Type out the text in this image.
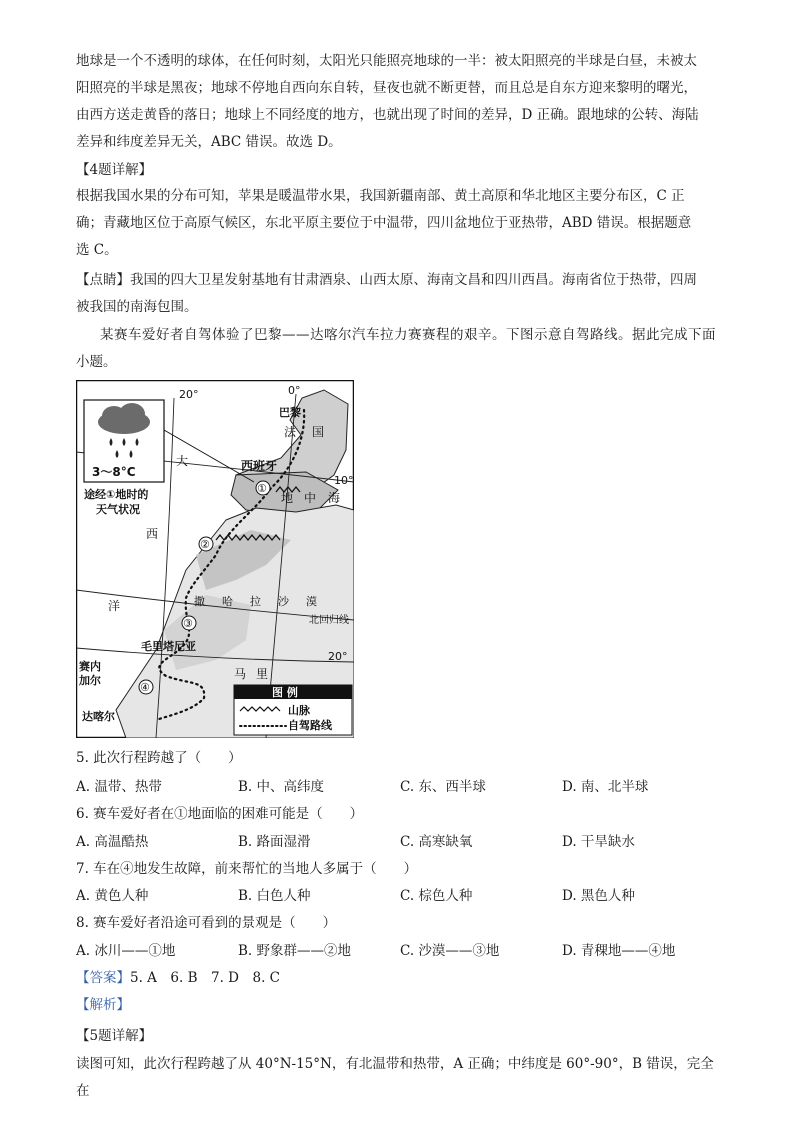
地球是一个不透明的球体，在任何时刻，太阳光只能照亮地球的一半：被太阳照亮的半球是白昼，未被太

阳照亮的半球是黑夜；地球不停地自西向东自转，昼夜也就不断更替，而且总是自东方迎来黎明的曙光，

由西方送走黄昏的落日；地球上不同经度的地方，也就出现了时间的差异，D 正确。跟地球的公转、海陆

差异和纬度差异无关，ABC 错误。故选 D。

【4题详解】

根据我国水果的分布可知，苹果是暖温带水果，我国新疆南部、黄土高原和华北地区主要分布区，C 正

确；青藏地区位于高原气候区，东北平原主要位于中温带，四川盆地位于亚热带，ABD 错误。根据题意

选 C。

【点睛】我国的四大卫星发射基地有甘肃酒泉、山西太原、海南文昌和四川西昌。海南省位于热带，四周

被我国的南海包围。

某赛车爱好者自驾体验了巴黎——达喀尔汽车拉力赛赛程的艰辛。下图示意自驾路线。据此完成下面

小题。

20°	0°
10°
北回归线
20°
巴黎
法 国
西班牙
地 中 海
大
西
洋	撒 哈 拉 沙 漠
毛里塔尼亚
马 里
赛内
加尔
达喀尔
①
②
③
④
3～8°C
途经①地时的
天气状况
图 例
山脉
自驾路线
5. 此次行程跨越了（　　）
A. 温带、热带	B. 中、高纬度	C. 东、西半球	D. 南、北半球
6. 赛车爱好者在①地面临的困难可能是（　　）
A. 高温酷热	B. 路面湿滑	C. 高寒缺氧	D. 干旱缺水
7. 车在④地发生故障，前来帮忙的当地人多属于（　　）
A. 黄色人种	B. 白色人种	C. 棕色人种	D. 黑色人种
8. 赛车爱好者沿途可看到的景观是（　　）
A. 冰川——①地	B. 野象群——②地	C. 沙漠——③地	D. 青稞地——④地
【答案】5. A　6. B　7. D　8. C
【解析】
【5题详解】

读图可知，此次行程跨越了从 40°N-15°N，有北温带和热带，A 正确；中纬度是 60°-90°，B 错误，完全在
